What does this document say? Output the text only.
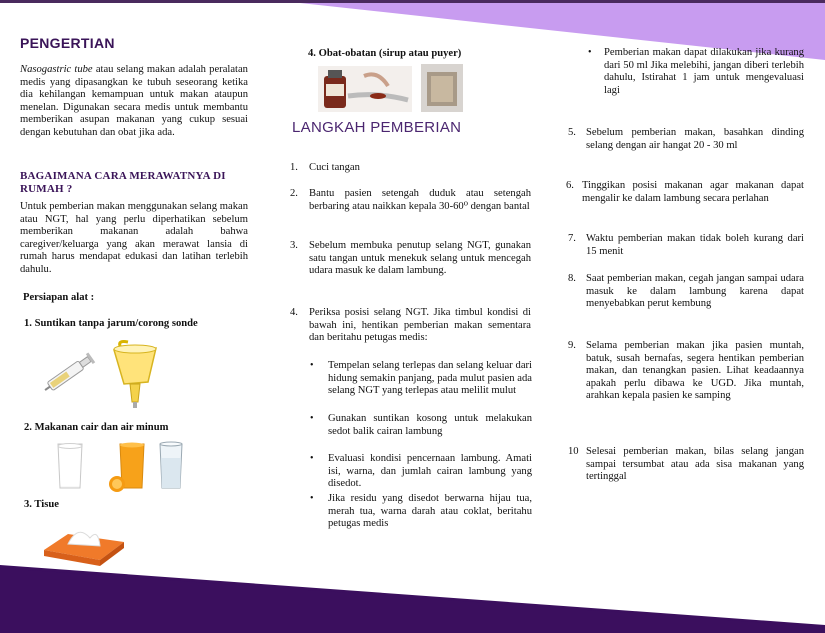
PENGERTIAN
Nasogastric tube atau selang makan adalah peralatan medis yang dipasangkan ke tubuh seseorang ketika dia kehilangan kemampuan untuk makan ataupun menelan. Digunakan secara medis untuk membantu memberikan asupan makanan yang cukup sesuai dengan kebutuhan dan obat jika ada.
BAGAIMANA CARA MERAWATNYA DI RUMAH ?
Untuk pemberian makan menggunakan selang makan atau NGT, hal yang perlu diperhatikan sebelum memberikan makanan adalah bahwa caregiver/keluarga yang akan merawat lansia di rumah harus mendapat edukasi dan latihan terlebih dahulu.
Persiapan alat :
1. Suntikan tanpa jarum/corong sonde
2. Makanan cair dan air minum
3. Tisue
4. Obat-obatan (sirup atau puyer)
LANGKAH PEMBERIAN
1. Cuci tangan
2. Bantu pasien setengah duduk atau setengah berbaring atau naikkan kepala 30-60⁰ dengan bantal
3. Sebelum membuka penutup selang NGT, gunakan satu tangan untuk menekuk selang untuk mencegah udara masuk ke dalam lambung.
4. Periksa posisi selang NGT. Jika timbul kondisi di bawah ini, hentikan pemberian makan sementara dan beritahu petugas medis:
• Tempelan selang terlepas dan selang keluar dari hidung semakin panjang, pada mulut pasien ada selang NGT yang terlepas atau melilit mulut
• Gunakan suntikan kosong untuk melakukan sedot balik cairan lambung
• Evaluasi kondisi pencernaan lambung. Amati isi, warna, dan jumlah cairan lambung yang disedot.
• Jika residu yang disedot berwarna hijau tua, merah tua, warna darah atau coklat, beritahu petugas medis
• Pemberian makan dapat dilakukan jika kurang dari 50 ml Jika melebihi, jangan diberi terlebih dahulu, Istirahat 1 jam untuk mengevaluasi lagi
5. Sebelum pemberian makan, basahkan dinding selang dengan air hangat 20 - 30 ml
6. Tinggikan posisi makanan agar makanan dapat mengalir ke dalam lambung secara perlahan
7. Waktu pemberian makan tidak boleh kurang dari 15 menit
8. Saat pemberian makan, cegah jangan sampai udara masuk ke dalam lambung karena dapat menyebabkan perut kembung
9. Selama pemberian makan jika pasien muntah, batuk, susah bernafas, segera hentikan pemberian makan, dan tenangkan pasien. Lihat keadaannya apakah perlu dibawa ke UGD. Jika muntah, arahkan kepala pasien ke samping
10 Selesai pemberian makan, bilas selang jangan sampai tersumbat atau ada sisa makanan yang tertinggal
